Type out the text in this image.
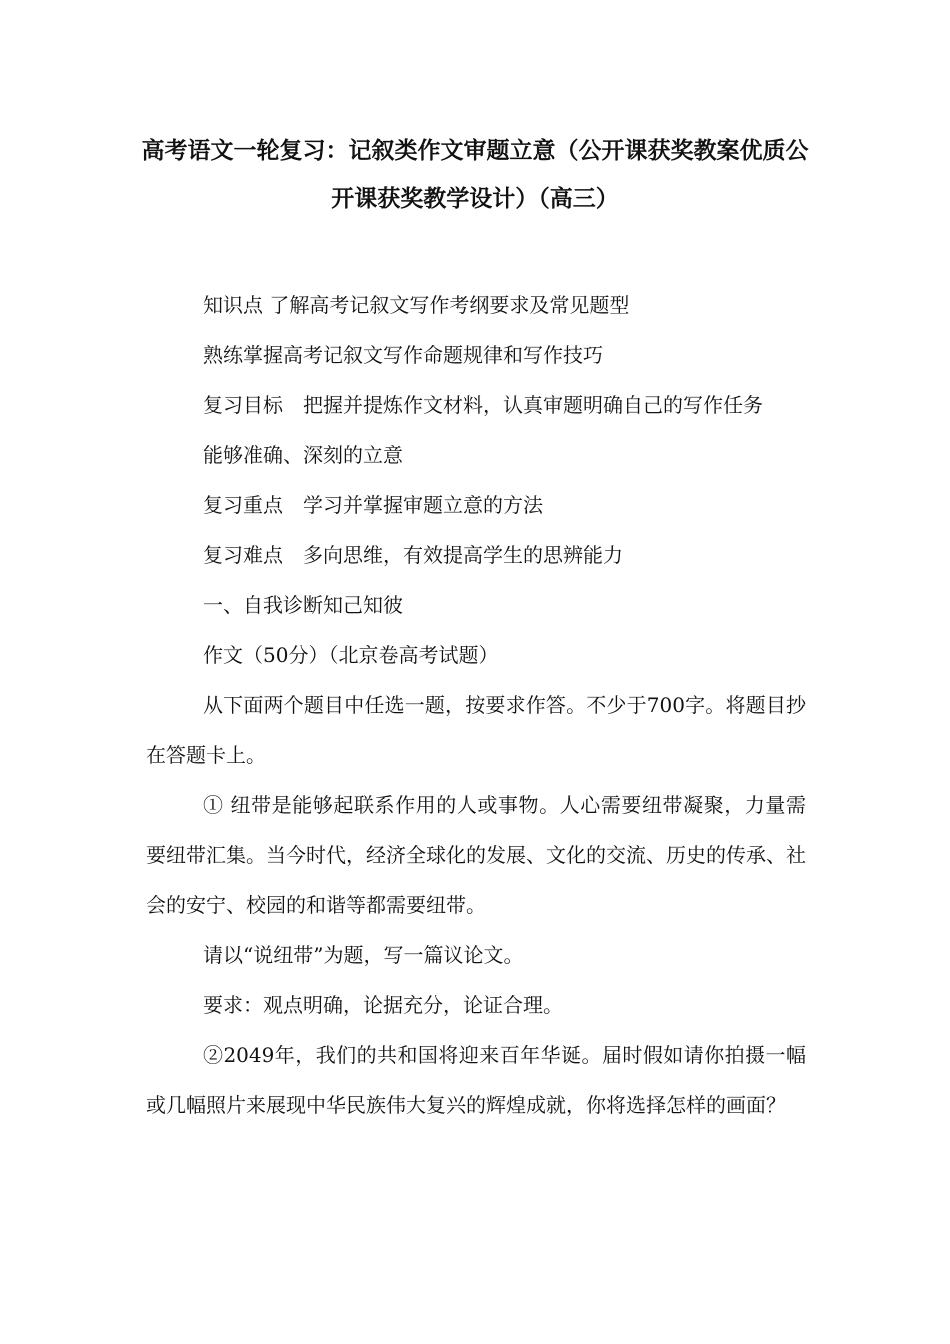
高考语文一轮复习：记叙类作文审题立意（公开课获奖教案优质公
开课获奖教学设计）（高三）

知识点 了解高考记叙文写作考纲要求及常见题型

熟练掌握高考记叙文写作命题规律和写作技巧

复习目标　把握并提炼作文材料，认真审题明确自己的写作任务

能够准确、深刻的立意

复习重点　学习并掌握审题立意的方法

复习难点　多向思维，有效提高学生的思辨能力

一、自我诊断知己知彼

作文（50分）（北京卷高考试题）

从下面两个题目中任选一题，按要求作答。不少于700字。将题目抄在答题卡上。

① 纽带是能够起联系作用的人或事物。人心需要纽带凝聚，力量需要纽带汇集。当今时代，经济全球化的发展、文化的交流、历史的传承、社会的安宁、校园的和谐等都需要纽带。

请以“说纽带”为题，写一篇议论文。

要求：观点明确，论据充分，论证合理。

②2049年，我们的共和国将迎来百年华诞。届时假如请你拍摄一幅或几幅照片来展现中华民族伟大复兴的辉煌成就，你将选择怎样的画面？
